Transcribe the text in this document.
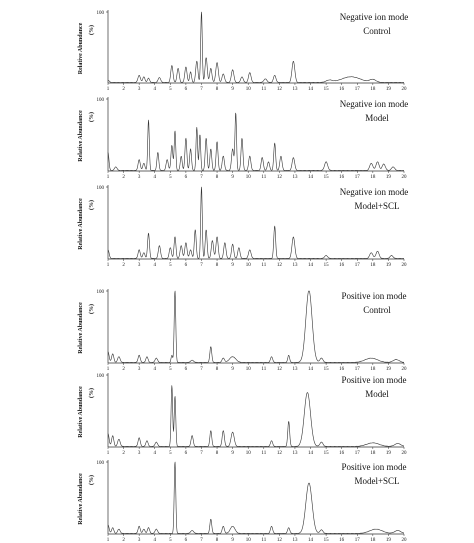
100
1	2	3	4	5	6	7	8	9 10 11 12 13 14 15 16 17 18 19 20
Relative Abundance (%)
Negative ion mode
Control
100
1	2	3	4	5	6	7	8	9 10 11 12 13 14 15 16 17 18 19 20
Relative Abundance (%)
Negative ion mode
Model
100
1	2	3	4	5	6	7	8	9 10 11 12 13 14 15 16 17 18 19 20
Relative Abundance (%)
Negative ion mode
Model+SCL
100
1	2	3	4	5	6	7	8	9 10 11 12 13 14 15 16 17 18 19 20
Relative Abundance (%)
Positive ion mode
Control
100
1	2	3	4	5	6	7	8	9 10 11 12 13 14 15 16 17 18 19 20
Relative Abundance (%)
Positive ion mode
Model
100
1	2	3	4	5	6	7	8	9 10 11 12 13 14 15 16 17 18 19 20
Relative Abundance (%)
Positive ion mode
Model+SCL
